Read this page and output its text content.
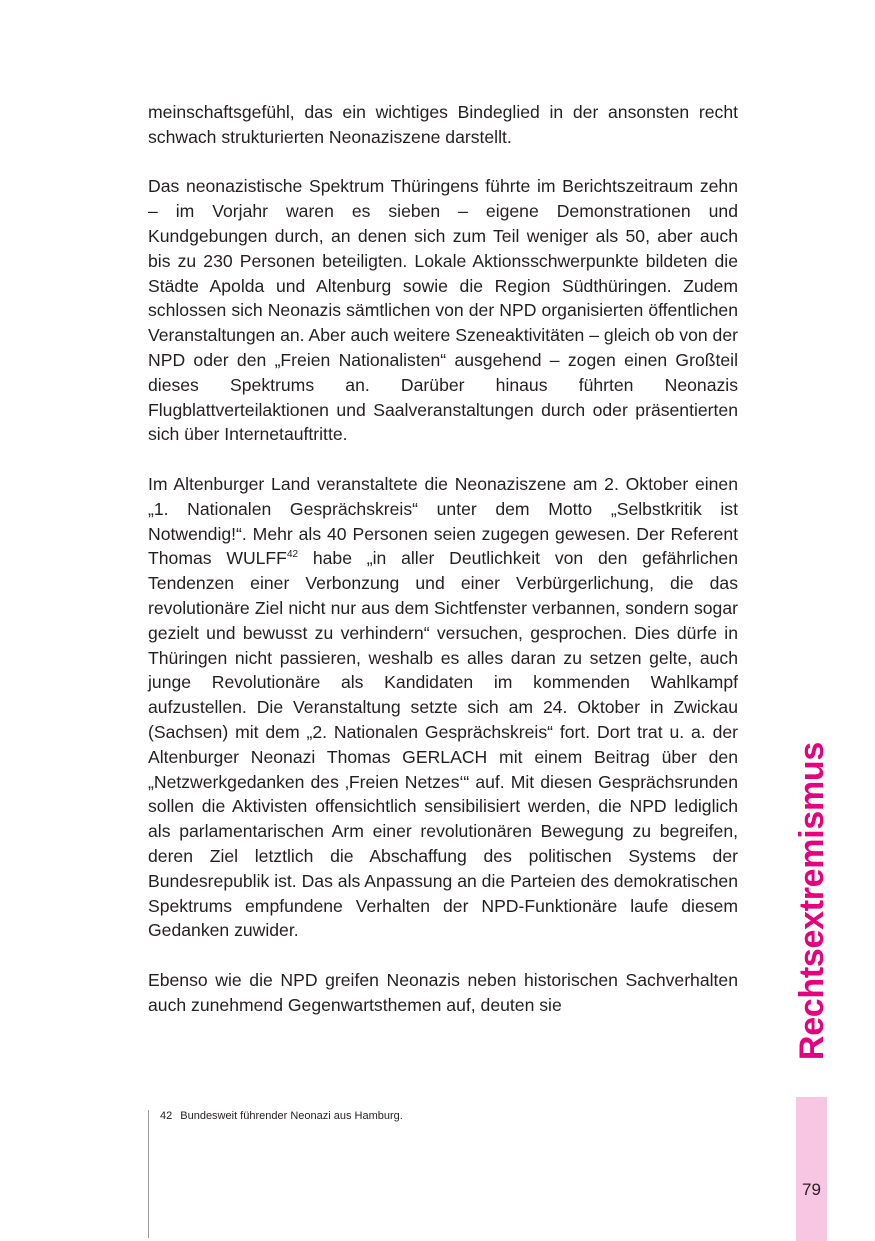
meinschaftsgefühl, das ein wichtiges Bindeglied in der ansonsten recht schwach strukturierten Neonaziszene darstellt.

Das neonazistische Spektrum Thüringens führte im Berichtszeitraum zehn – im Vorjahr waren es sieben – eigene Demonstrationen und Kundgebungen durch, an denen sich zum Teil weniger als 50, aber auch bis zu 230 Personen beteiligten. Lokale Aktionsschwerpunkte bildeten die Städte Apolda und Altenburg sowie die Region Südthüringen. Zudem schlossen sich Neonazis sämtlichen von der NPD organisierten öffentlichen Veranstaltungen an. Aber auch weitere Szeneaktivitäten – gleich ob von der NPD oder den „Freien Nationalisten“ ausgehend – zogen einen Großteil dieses Spektrums an. Darüber hinaus führten Neonazis Flugblattverteilaktionen und Saalveranstaltungen durch oder präsentierten sich über Internetauftritte.

Im Altenburger Land veranstaltete die Neonaziszene am 2. Oktober einen „1. Nationalen Gesprächskreis“ unter dem Motto „Selbstkritik ist Notwendig!“. Mehr als 40 Personen seien zugegen gewesen. Der Referent Thomas WULFF$^{42}$ habe „in aller Deutlichkeit von den gefährlichen Tendenzen einer Verbonzung und einer Verbürgerlichung, die das revolutionäre Ziel nicht nur aus dem Sichtfenster verbannen, sondern sogar gezielt und bewusst zu verhindern“ versuchen, gesprochen. Dies dürfe in Thüringen nicht passieren, weshalb es alles daran zu setzen gelte, auch junge Revolutionäre als Kandidaten im kommenden Wahlkampf aufzustellen. Die Veranstaltung setzte sich am 24. Oktober in Zwickau (Sachsen) mit dem „2. Nationalen Gesprächskreis“ fort. Dort trat u. a. der Altenburger Neonazi Thomas GERLACH mit einem Beitrag über den „Netzwerkgedanken des ‚Freien Netzes‘“ auf. Mit diesen Gesprächsrunden sollen die Aktivisten offensichtlich sensibilisiert werden, die NPD lediglich als parlamentarischen Arm einer revolutionären Bewegung zu begreifen, deren Ziel letztlich die Abschaffung des politischen Systems der Bundesrepublik ist. Das als Anpassung an die Parteien des demokratischen Spektrums empfundene Verhalten der NPD-Funktionäre laufe diesem Gedanken zuwider.

Ebenso wie die NPD greifen Neonazis neben historischen Sachverhalten auch zunehmend Gegenwartsthemen auf, deuten sie

42 Bundesweit führender Neonazi aus Hamburg.
Rechtsextremismus
79
